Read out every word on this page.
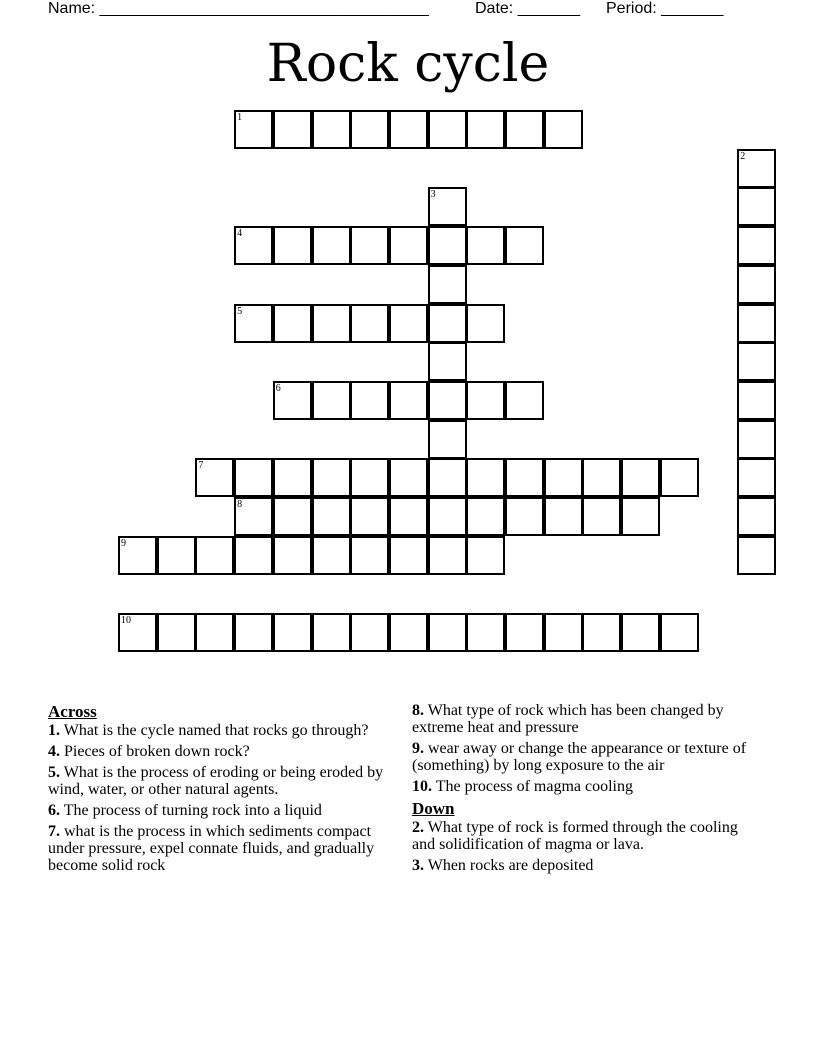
Name: _____________________________________	Date: _______ Period: _______
Rock cycle
1
2
3
4
5
6
7
8
9
10
Across
1. What is the cycle named that rocks go through?
4. Pieces of broken down rock?
5. What is the process of eroding or being eroded by wind, water, or other natural agents.
6. The process of turning rock into a liquid
7. what is the process in which sediments compact under pressure, expel connate fluids, and gradually become solid rock
8. What type of rock which has been changed by extreme heat and pressure
9. wear away or change the appearance or texture of (something) by long exposure to the air
10. The process of magma cooling
Down
2. What type of rock is formed through the cooling and solidification of magma or lava.
3. When rocks are deposited
